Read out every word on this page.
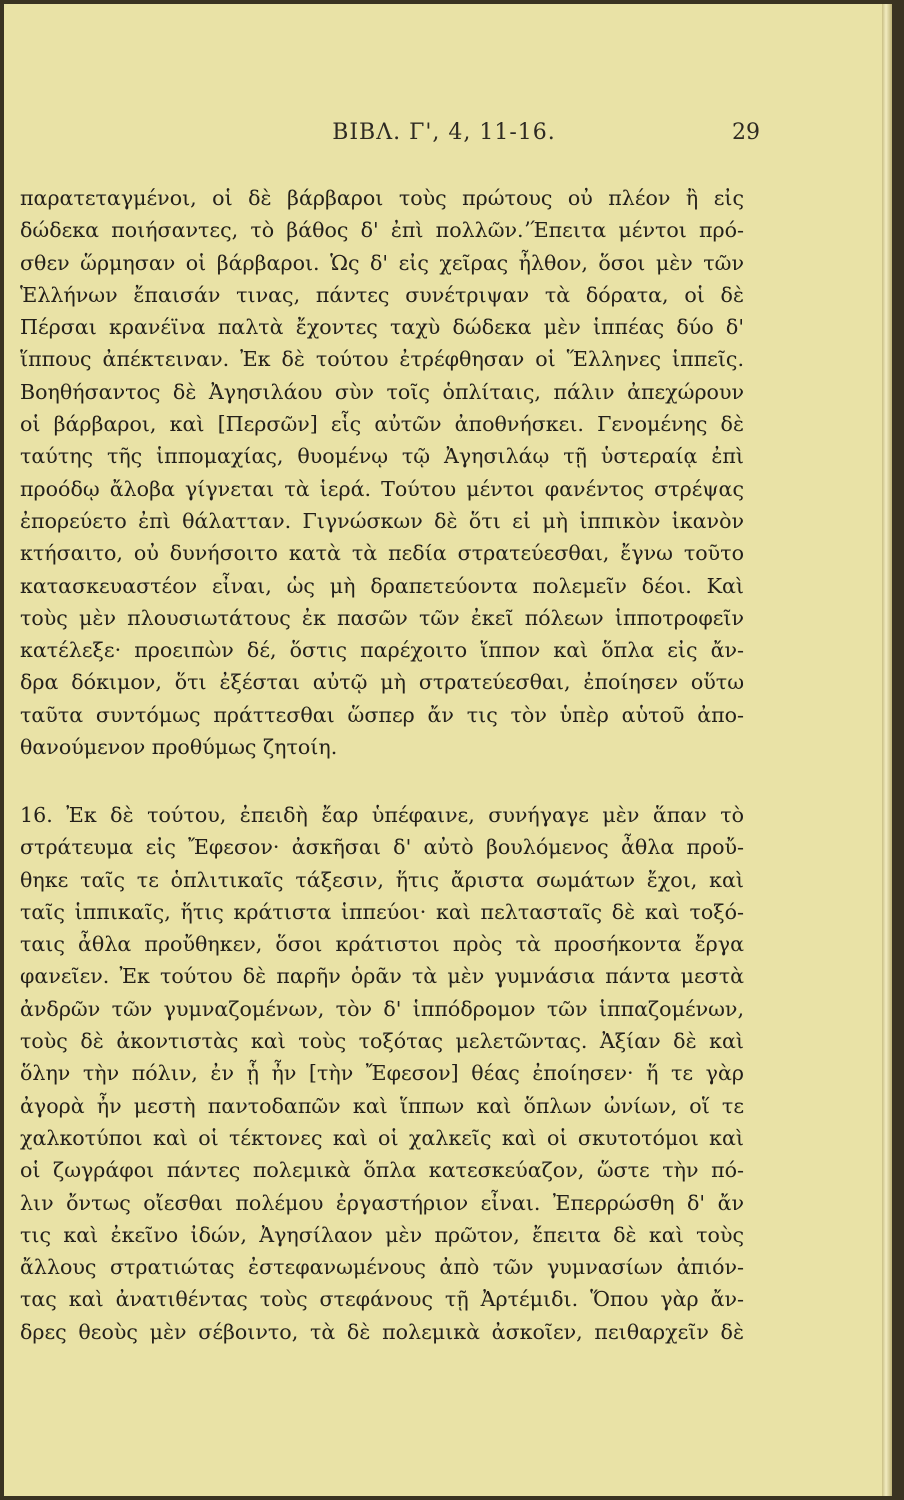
ΒΙΒΛ. Γ', 4, 11-16.	29
παρατεταγμένοι, οἱ δὲ βάρβαροι τοὺς πρώτους οὐ πλέον ἢ εἰς
δώδεκα ποιήσαντες, τὸ βάθος δ' ἐπὶ πολλῶν.ʼΈπειτα μέντοι πρό-
σθεν ὥρμησαν οἱ βάρβαροι. Ὡς δ' εἰς χεῖρας ἦλθον, ὅσοι μὲν τῶν
Ἑλλήνων ἔπαισάν τινας, πάντες συνέτριψαν τὰ δόρατα, οἱ δὲ
Πέρσαι κρανέϊνα παλτὰ ἔχοντες ταχὺ δώδεκα μὲν ἱππέας δύο δ'
ἵππους ἀπέκτειναν. Ἐκ δὲ τούτου ἐτρέφθησαν οἱ Ἕλληνες ἱππεῖς.
Βοηθήσαντος δὲ Ἀγησιλάου σὺν τοῖς ὁπλίταις, πάλιν ἀπεχώρουν
οἱ βάρβαροι, καὶ [Περσῶν] εἷς αὐτῶν ἀποθνήσκει. Γενομένης δὲ
ταύτης τῆς ἱππομαχίας, θυομένῳ τῷ Ἀγησιλάῳ τῇ ὑστεραίᾳ ἐπὶ
προόδῳ ἄλοβα γίγνεται τὰ ἱερά. Τούτου μέντοι φανέντος στρέψας
ἐπορεύετο ἐπὶ θάλατταν. Γιγνώσκων δὲ ὅτι εἰ μὴ ἱππικὸν ἱκανὸν
κτήσαιτο, οὐ δυνήσοιτο κατὰ τὰ πεδία στρατεύεσθαι, ἔγνω τοῦτο
κατασκευαστέον εἶναι, ὡς μὴ δραπετεύοντα πολεμεῖν δέοι. Καὶ
τοὺς μὲν πλουσιωτάτους ἐκ πασῶν τῶν ἐκεῖ πόλεων ἱπποτροφεῖν
κατέλεξε· προειπὼν δέ, ὅστις παρέχοιτο ἵππον καὶ ὅπλα εἰς ἄν-
δρα δόκιμον, ὅτι ἐξέσται αὐτῷ μὴ στρατεύεσθαι, ἐποίησεν οὕτω
ταῦτα συντόμως πράττεσθαι ὥσπερ ἄν τις τὸν ὑπὲρ αὑτοῦ ἀπο-
θανούμενον προθύμως ζητοίη.
16. Ἐκ δὲ τούτου, ἐπειδὴ ἔαρ ὑπέφαινε, συνήγαγε μὲν ἅπαν τὸ
στράτευμα εἰς Ἔφεσον· ἀσκῆσαι δ' αὐτὸ βουλόμενος ἆθλα προὔ-
θηκε ταῖς τε ὁπλιτικαῖς τάξεσιν, ἥτις ἄριστα σωμάτων ἔχοι, καὶ
ταῖς ἱππικαῖς, ἥτις κράτιστα ἱππεύοι· καὶ πελτασταῖς δὲ καὶ τοξό-
ταις ἆθλα προὔθηκεν, ὅσοι κράτιστοι πρὸς τὰ προσήκοντα ἔργα
φανεῖεν. Ἐκ τούτου δὲ παρῆν ὁρᾶν τὰ μὲν γυμνάσια πάντα μεστὰ
ἀνδρῶν τῶν γυμναζομένων, τὸν δ' ἱππόδρομον τῶν ἱππαζομένων,
τοὺς δὲ ἀκοντιστὰς καὶ τοὺς τοξότας μελετῶντας. Ἀξίαν δὲ καὶ
ὅλην τὴν πόλιν, ἐν ᾗ ἦν [τὴν Ἔφεσον] θέας ἐποίησεν· ἥ τε γὰρ
ἀγορὰ ἦν μεστὴ παντοδαπῶν καὶ ἵππων καὶ ὅπλων ὠνίων, οἵ τε
χαλκοτύποι καὶ οἱ τέκτονες καὶ οἱ χαλκεῖς καὶ οἱ σκυτοτόμοι καὶ
οἱ ζωγράφοι πάντες πολεμικὰ ὅπλα κατεσκεύαζον, ὥστε τὴν πό-
λιν ὄντως οἴεσθαι πολέμου ἐργαστήριον εἶναι. Ἐπερρώσθη δ' ἄν
τις καὶ ἐκεῖνο ἰδών, Ἀγησίλαον μὲν πρῶτον, ἔπειτα δὲ καὶ τοὺς
ἄλλους στρατιώτας ἐστεφανωμένους ἀπὸ τῶν γυμνασίων ἀπιόν-
τας καὶ ἀνατιθέντας τοὺς στεφάνους τῇ Ἀρτέμιδι. Ὅπου γὰρ ἄν-
δρες θεοὺς μὲν σέβοιντο, τὰ δὲ πολεμικὰ ἀσκοῖεν, πειθαρχεῖν δὲ
